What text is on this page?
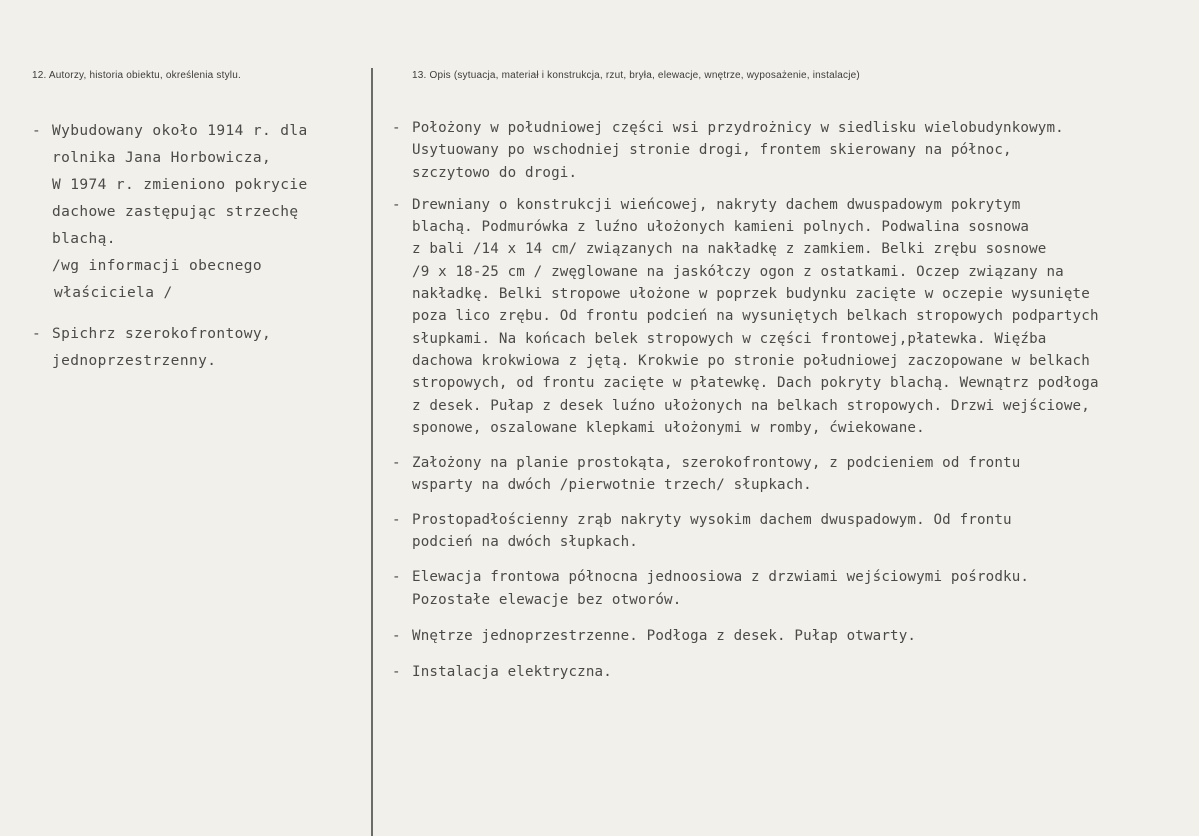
12. Autorzy, historia obiektu, określenia stylu.	13. Opis (sytuacja, materiał i konstrukcja, rzut, bryła, elewacje, wnętrze, wyposażenie, instalacje)
- Wybudowany około 1914 r. dla
rolnika Jana Horbowicza,
W 1974 r. zmieniono pokrycie
dachowe zastępując strzechę
blachą.
/wg informacji obecnego
właściciela /
- Spichrz szerokofrontowy,
jednoprzestrzenny.
- Położony w południowej części wsi przydrożnicy w siedlisku wielobudynkowym.
Usytuowany po wschodniej stronie drogi, frontem skierowany na północ,
szczytowo do drogi.
- Drewniany o konstrukcji wieńcowej, nakryty dachem dwuspadowym pokrytym
blachą. Podmurówka z luźno ułożonych kamieni polnych. Podwalina sosnowa
z bali /14 x 14 cm/ związanych na nakładkę z zamkiem. Belki zrębu sosnowe
/9 x 18-25 cm / zwęglowane na jaskółczy ogon z ostatkami. Oczep związany na
nakładkę. Belki stropowe ułożone w poprzek budynku zacięte w oczepie wysunięte
poza lico zrębu. Od frontu podcień na wysuniętych belkach stropowych podpartych
słupkami. Na końcach belek stropowych w części frontowej,płatewka. Więźba
dachowa krokwiowa z jętą. Krokwie po stronie południowej zaczopowane w belkach
stropowych, od frontu zacięte w płatewkę. Dach pokryty blachą. Wewnątrz podłoga
z desek. Pułap z desek luźno ułożonych na belkach stropowych. Drzwi wejściowe,
sponowe, oszalowane klepkami ułożonymi w romby, ćwiekowane.
- Założony na planie prostokąta, szerokofrontowy, z podcieniem od frontu
wsparty na dwóch /pierwotnie trzech/ słupkach.
- Prostopadłościenny zrąb nakryty wysokim dachem dwuspadowym. Od frontu
podcień na dwóch słupkach.
- Elewacja frontowa północna jednoosiowa z drzwiami wejściowymi pośrodku.
Pozostałe elewacje bez otworów.
- Wnętrze jednoprzestrzenne. Podłoga z desek. Pułap otwarty.
- Instalacja elektryczna.
